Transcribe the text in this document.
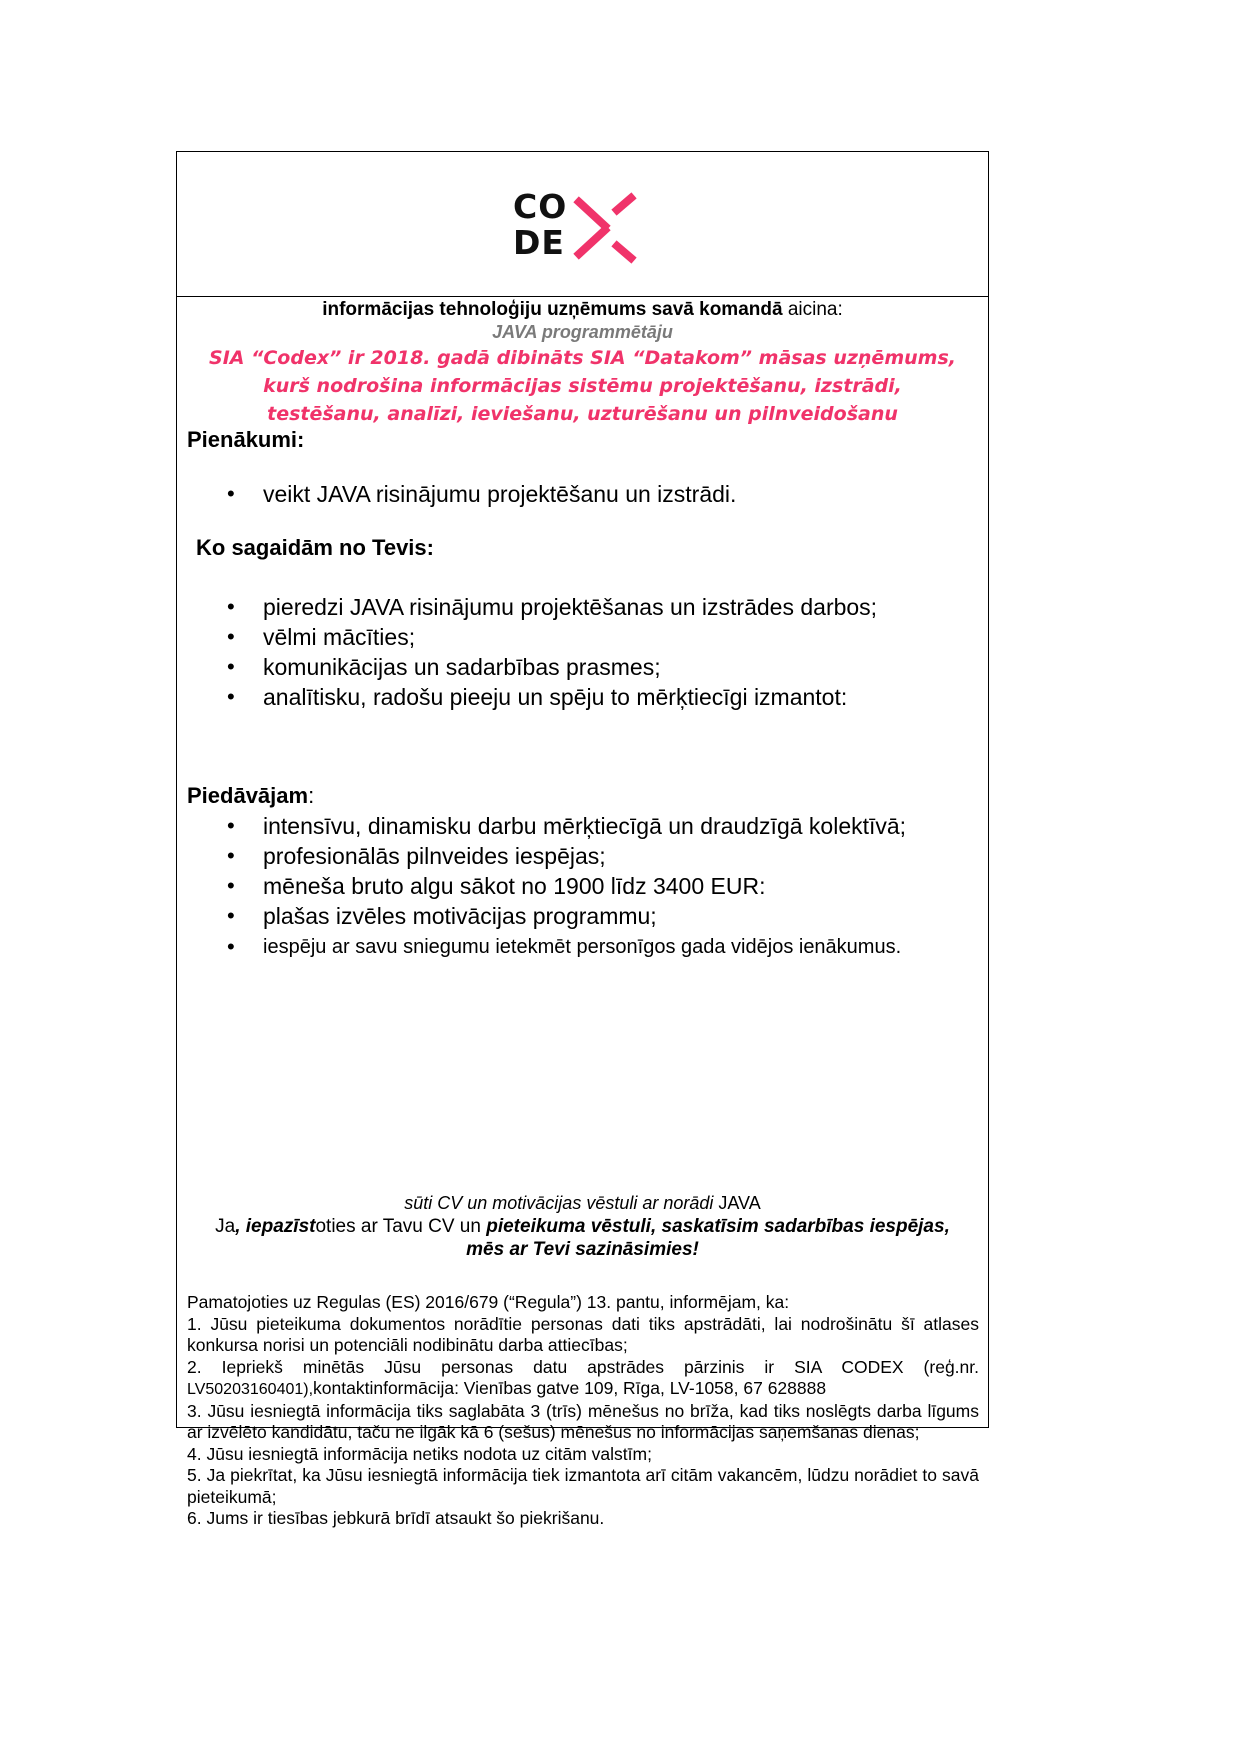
CO
DE
informācijas tehnoloģiju uzņēmums savā komandā aicina:
JAVA programmētāju
SIA “Codex” ir 2018. gadā dibināts SIA “Datakom” māsas uzņēmums, kurš nodrošina informācijas sistēmu projektēšanu, izstrādi, testēšanu, analīzi, ieviešanu, uzturēšanu un pilnveidošanu
Pienākumi:
• veikt JAVA risinājumu projektēšanu un izstrādi.
Ko sagaidām no Tevis:
• pieredzi JAVA risinājumu projektēšanas un izstrādes darbos;
• vēlmi mācīties;
• komunikācijas un sadarbības prasmes;
• analītisku, radošu pieeju un spēju to mērķtiecīgi izmantot:
Piedāvājam:
• intensīvu, dinamisku darbu mērķtiecīgā un draudzīgā kolektīvā;
• profesionālās pilnveides iespējas;
• mēneša bruto algu sākot no 1900 līdz 3400 EUR:
• plašas izvēles motivācijas programmu;
• iespēju ar savu sniegumu ietekmēt personīgos gada vidējos ienākumus.
sūti CV un motivācijas vēstuli ar norādi JAVA
Ja, iepazīstoties ar Tavu CV un pieteikuma vēstuli, saskatīsim sadarbības iespējas, mēs ar Tevi sazināsimies!
Pamatojoties uz Regulas (ES) 2016/679 (“Regula”) 13. pantu, informējam, ka:
1. Jūsu pieteikuma dokumentos norādītie personas dati tiks apstrādāti, lai nodrošinātu šī atlases konkursa norisi un potenciāli nodibinātu darba attiecības;
2. Iepriekš minētās Jūsu personas datu apstrādes pārzinis ir SIA CODEX (reģ.nr. LV50203160401),kontaktinformācija: Vienības gatve 109, Rīga, LV-1058, 67 628888
3. Jūsu iesniegtā informācija tiks saglabāta 3 (trīs) mēnešus no brīža, kad tiks noslēgts darba līgums ar izvēlēto kandidātu, taču ne ilgāk kā 6 (sešus) mēnešus no informācijas saņemšanas dienas;
4. Jūsu iesniegtā informācija netiks nodota uz citām valstīm;
5. Ja piekrītat, ka Jūsu iesniegtā informācija tiek izmantota arī citām vakancēm, lūdzu norādiet to savā pieteikumā;
6. Jums ir tiesības jebkurā brīdī atsaukt šo piekrišanu.
